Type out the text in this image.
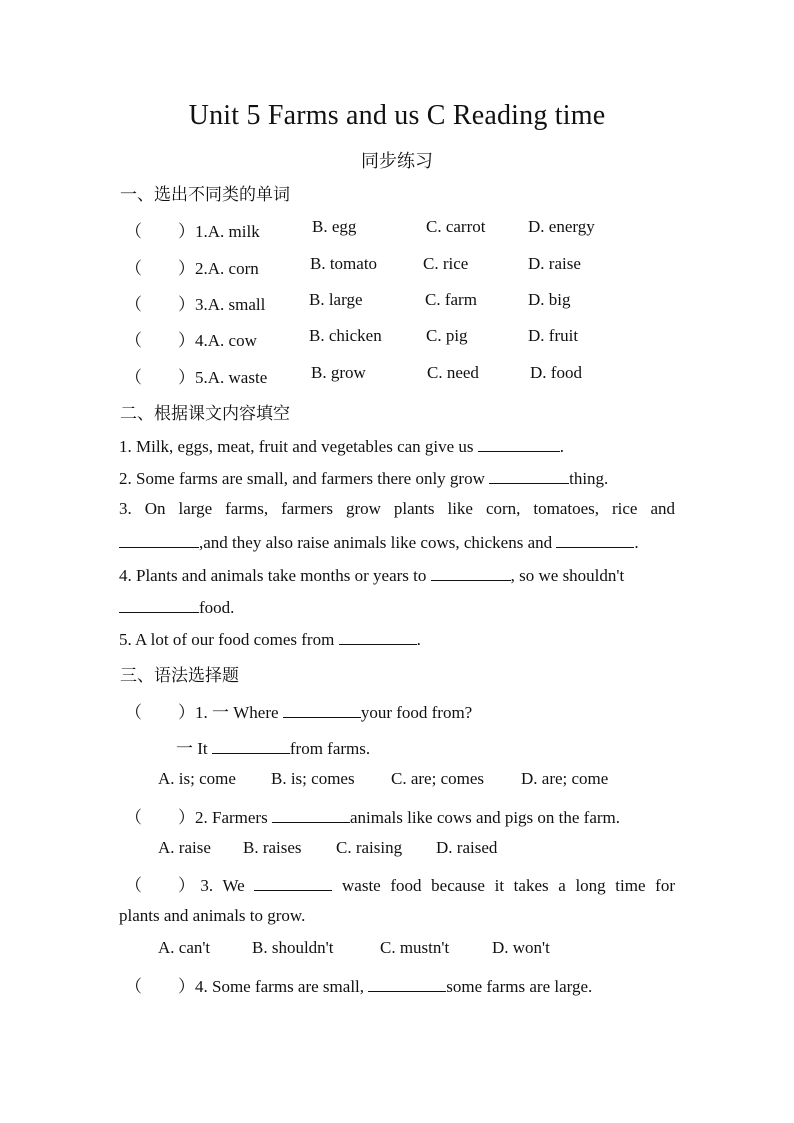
Unit 5 Farms and us C Reading time
同步练习
一、选出不同类的单词
（ ）1.A. milk	B. egg	C. carrot	D. energy
（ ）2.A. corn	B. tomato	C. rice	D. raise
（ ）3.A. small	B. large	C. farm	D. big
（ ）4.A. cow	B. chicken	C. pig	D. fruit
（ ）5.A. waste	B. grow	C. need	D. food
二、根据课文内容填空
1. Milk, eggs, meat, fruit and vegetables can give us	.
2. Some farms are small, and farmers there only grow	thing.
3. On large farms, farmers grow plants like corn, tomatoes, rice and
,and they also raise animals like cows, chickens and	.
4. Plants and animals take months or years to	, so we shouldn't
food.
5. A lot of our food comes from	.
三、语法选择题
（ ）1. 一 Where	your food from?
一 It	from farms.
A. is; come B. is; comes C. are; comes D. are; come
（ ）2. Farmers	animals like cows and pigs on the farm.
A. raise B. raises C. raising D. raised
（ ）3. We	waste food because it takes a long time for
plants and animals to grow.
A. can't B. shouldn't	C. mustn't	D. won't
（ ）4. Some farms are small,	some farms are large.
